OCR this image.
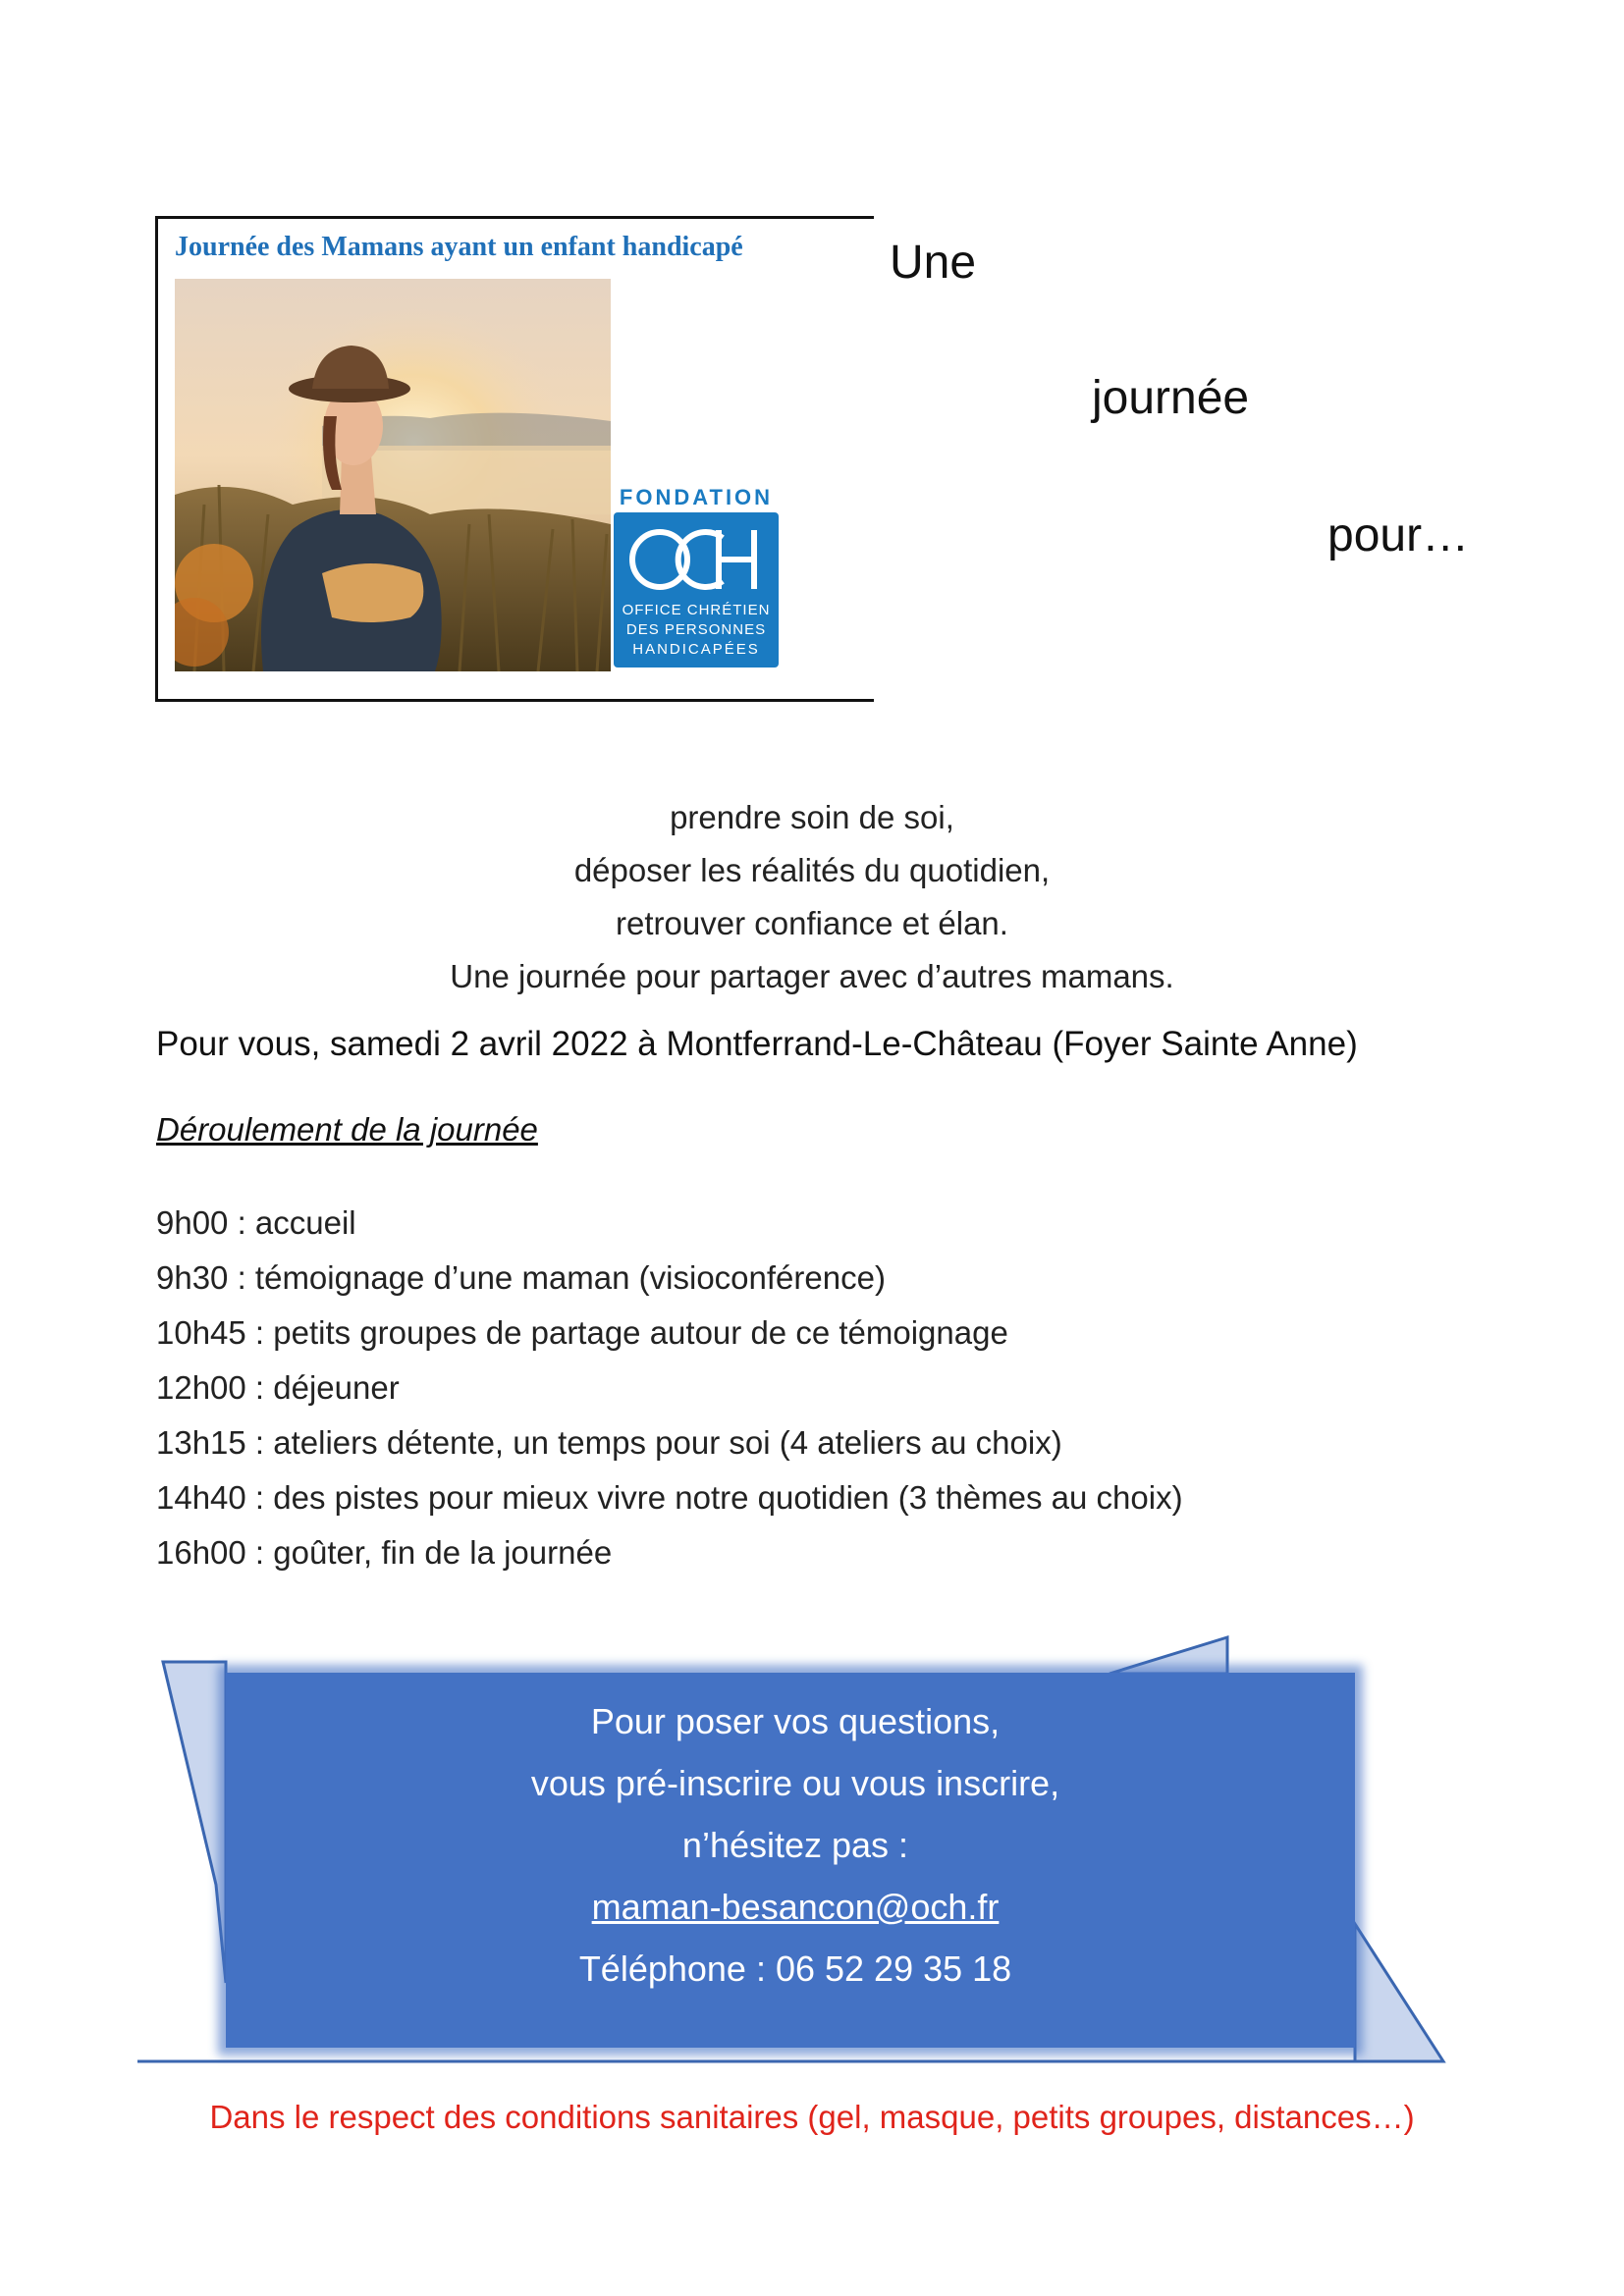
Journée des Mamans ayant un enfant handicapé
FONDATION
OFFICE CHRÉTIEN
DES PERSONNES
HANDICAPÉES
Une
journée
pour…
prendre soin de soi,
déposer les réalités du quotidien,
retrouver confiance et élan.
Une journée pour partager avec d’autres mamans.
Pour vous, samedi 2 avril 2022 à Montferrand-Le-Château (Foyer Sainte Anne)
Déroulement de la journée
9h00 : accueil
9h30 : témoignage d’une maman (visioconférence)
10h45 : petits groupes de partage autour de ce témoignage
12h00 : déjeuner
13h15 : ateliers détente, un temps pour soi (4 ateliers au choix)
14h40 : des pistes pour mieux vivre notre quotidien (3 thèmes au choix)
16h00 : goûter, fin de la journée
Pour poser vos questions,
vous pré-inscrire ou vous inscrire,
n’hésitez pas :
maman-besancon@och.fr
Téléphone : 06 52 29 35 18
Dans le respect des conditions sanitaires (gel, masque, petits groupes, distances…)
